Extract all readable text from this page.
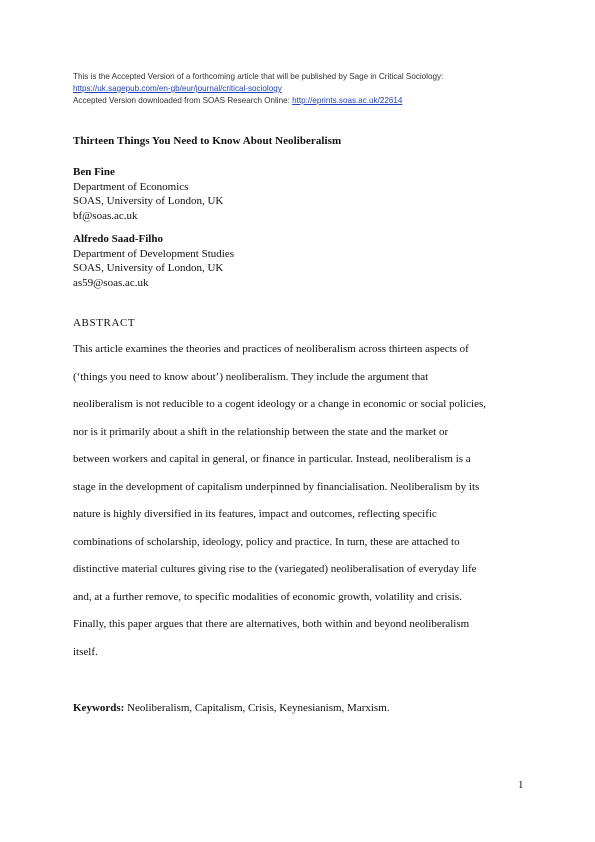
This is the Accepted Version of a forthcoming article that will be published by Sage in Critical Sociology:
https://uk.sagepub.com/en-gb/eur/journal/critical-sociology
Accepted Version downloaded from SOAS Research Online: http://eprints.soas.ac.uk/22614
Thirteen Things You Need to Know About Neoliberalism
Ben Fine
Department of Economics
SOAS, University of London, UK
bf@soas.ac.uk
Alfredo Saad-Filho
Department of Development Studies
SOAS, University of London, UK
as59@soas.ac.uk
ABSTRACT
This article examines the theories and practices of neoliberalism across thirteen aspects of
(‘things you need to know about’) neoliberalism. They include the argument that
neoliberalism is not reducible to a cogent ideology or a change in economic or social policies,
nor is it primarily about a shift in the relationship between the state and the market or
between workers and capital in general, or finance in particular. Instead, neoliberalism is a
stage in the development of capitalism underpinned by financialisation. Neoliberalism by its
nature is highly diversified in its features, impact and outcomes, reflecting specific
combinations of scholarship, ideology, policy and practice. In turn, these are attached to
distinctive material cultures giving rise to the (variegated) neoliberalisation of everyday life
and, at a further remove, to specific modalities of economic growth, volatility and crisis.
Finally, this paper argues that there are alternatives, both within and beyond neoliberalism
itself.
Keywords: Neoliberalism, Capitalism, Crisis, Keynesianism, Marxism.
1
